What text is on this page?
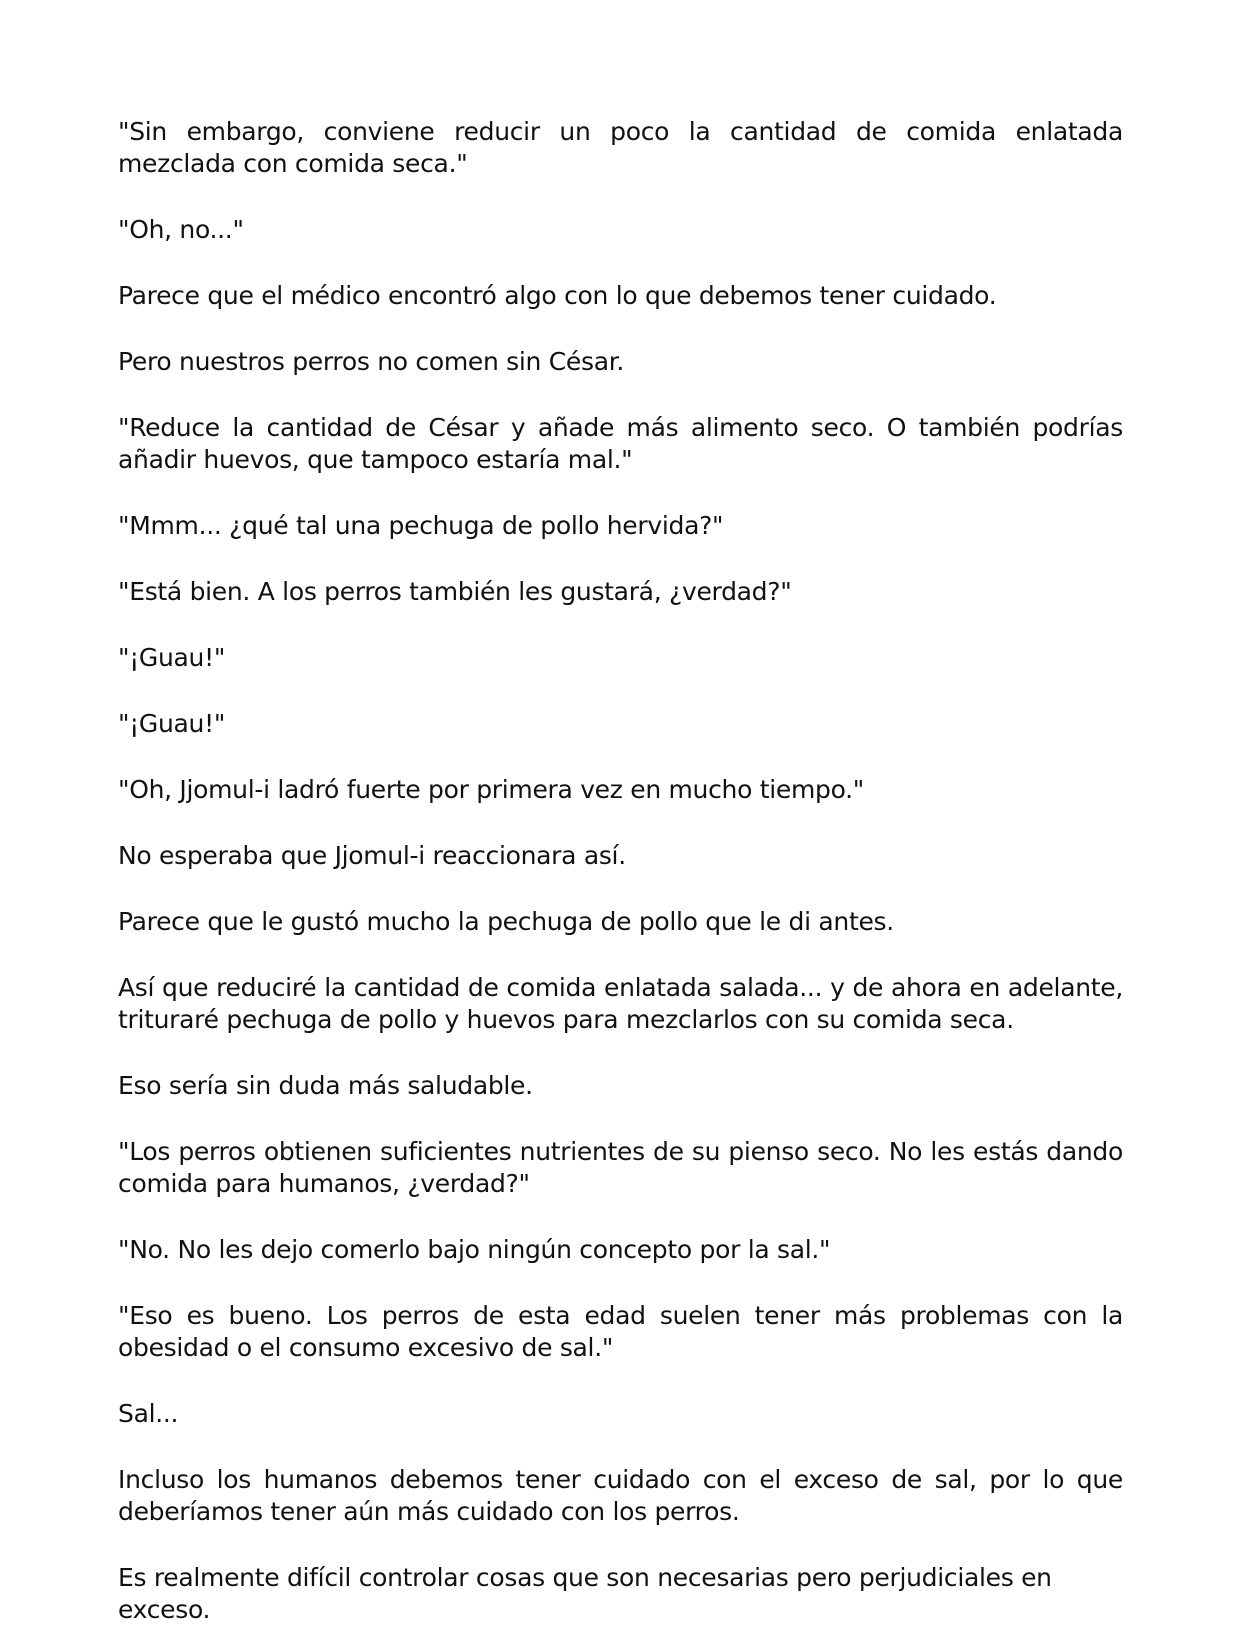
"Sin embargo, conviene reducir un poco la cantidad de comida enlatada mezclada con comida seca."

"Oh, no..."

Parece que el médico encontró algo con lo que debemos tener cuidado.

Pero nuestros perros no comen sin César.

"Reduce la cantidad de César y añade más alimento seco. O también podrías añadir huevos, que tampoco estaría mal."

"Mmm... ¿qué tal una pechuga de pollo hervida?"

"Está bien. A los perros también les gustará, ¿verdad?"

"¡Guau!"

"¡Guau!"

"Oh, Jjomul-i ladró fuerte por primera vez en mucho tiempo."

No esperaba que Jjomul-i reaccionara así.

Parece que le gustó mucho la pechuga de pollo que le di antes.

Así que reduciré la cantidad de comida enlatada salada... y de ahora en adelante, trituraré pechuga de pollo y huevos para mezclarlos con su comida seca.

Eso sería sin duda más saludable.

"Los perros obtienen suficientes nutrientes de su pienso seco. No les estás dando comida para humanos, ¿verdad?"

"No. No les dejo comerlo bajo ningún concepto por la sal."

"Eso es bueno. Los perros de esta edad suelen tener más problemas con la obesidad o el consumo excesivo de sal."

Sal...

Incluso los humanos debemos tener cuidado con el exceso de sal, por lo que deberíamos tener aún más cuidado con los perros.

Es realmente difícil controlar cosas que son necesarias pero perjudiciales en exceso.
